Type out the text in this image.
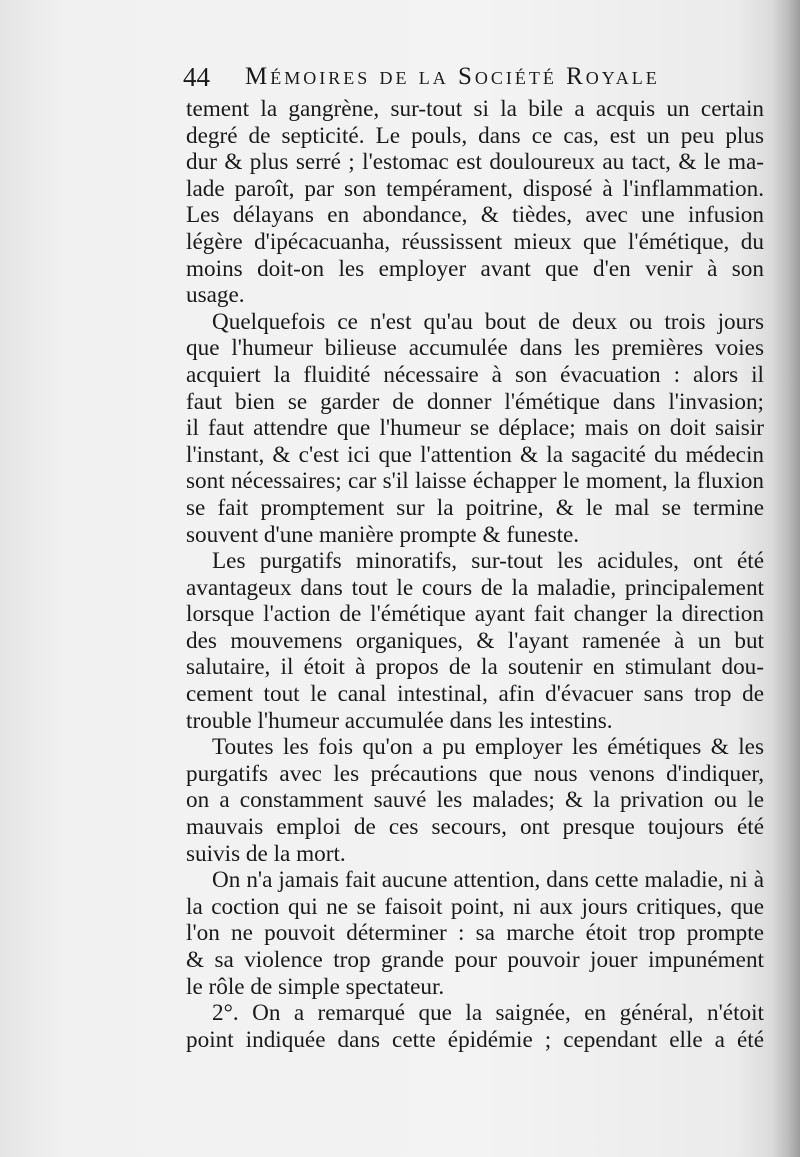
44 Mémoires de la Société Royale
tement la gangrène, sur-tout si la bile a acquis un certain
degré de septicité. Le pouls, dans ce cas, est un peu plus
dur & plus serré ; l'estomac est douloureux au tact, & le ma-
lade paroît, par son tempérament, disposé à l'inflammation.
Les délayans en abondance, & tièdes, avec une infusion
légère d'ipécacuanha, réussissent mieux que l'émétique, du
moins doit-on les employer avant que d'en venir à son
usage.
Quelquefois ce n'est qu'au bout de deux ou trois jours
que l'humeur bilieuse accumulée dans les premières voies
acquiert la fluidité nécessaire à son évacuation : alors il
faut bien se garder de donner l'émétique dans l'invasion;
il faut attendre que l'humeur se déplace; mais on doit saisir
l'instant, & c'est ici que l'attention & la sagacité du médecin
sont nécessaires; car s'il laisse échapper le moment, la fluxion
se fait promptement sur la poitrine, & le mal se termine
souvent d'une manière prompte & funeste.
Les purgatifs minoratifs, sur-tout les acidules, ont été
avantageux dans tout le cours de la maladie, principalement
lorsque l'action de l'émétique ayant fait changer la direction
des mouvemens organiques, & l'ayant ramenée à un but
salutaire, il étoit à propos de la soutenir en stimulant dou-
cement tout le canal intestinal, afin d'évacuer sans trop de
trouble l'humeur accumulée dans les intestins.
Toutes les fois qu'on a pu employer les émétiques & les
purgatifs avec les précautions que nous venons d'indiquer,
on a constamment sauvé les malades; & la privation ou le
mauvais emploi de ces secours, ont presque toujours été
suivis de la mort.
On n'a jamais fait aucune attention, dans cette maladie, ni à
la coction qui ne se faisoit point, ni aux jours critiques, que
l'on ne pouvoit déterminer : sa marche étoit trop prompte
& sa violence trop grande pour pouvoir jouer impunément
le rôle de simple spectateur.
2°. On a remarqué que la saignée, en général, n'étoit
point indiquée dans cette épidémie ; cependant elle a été
